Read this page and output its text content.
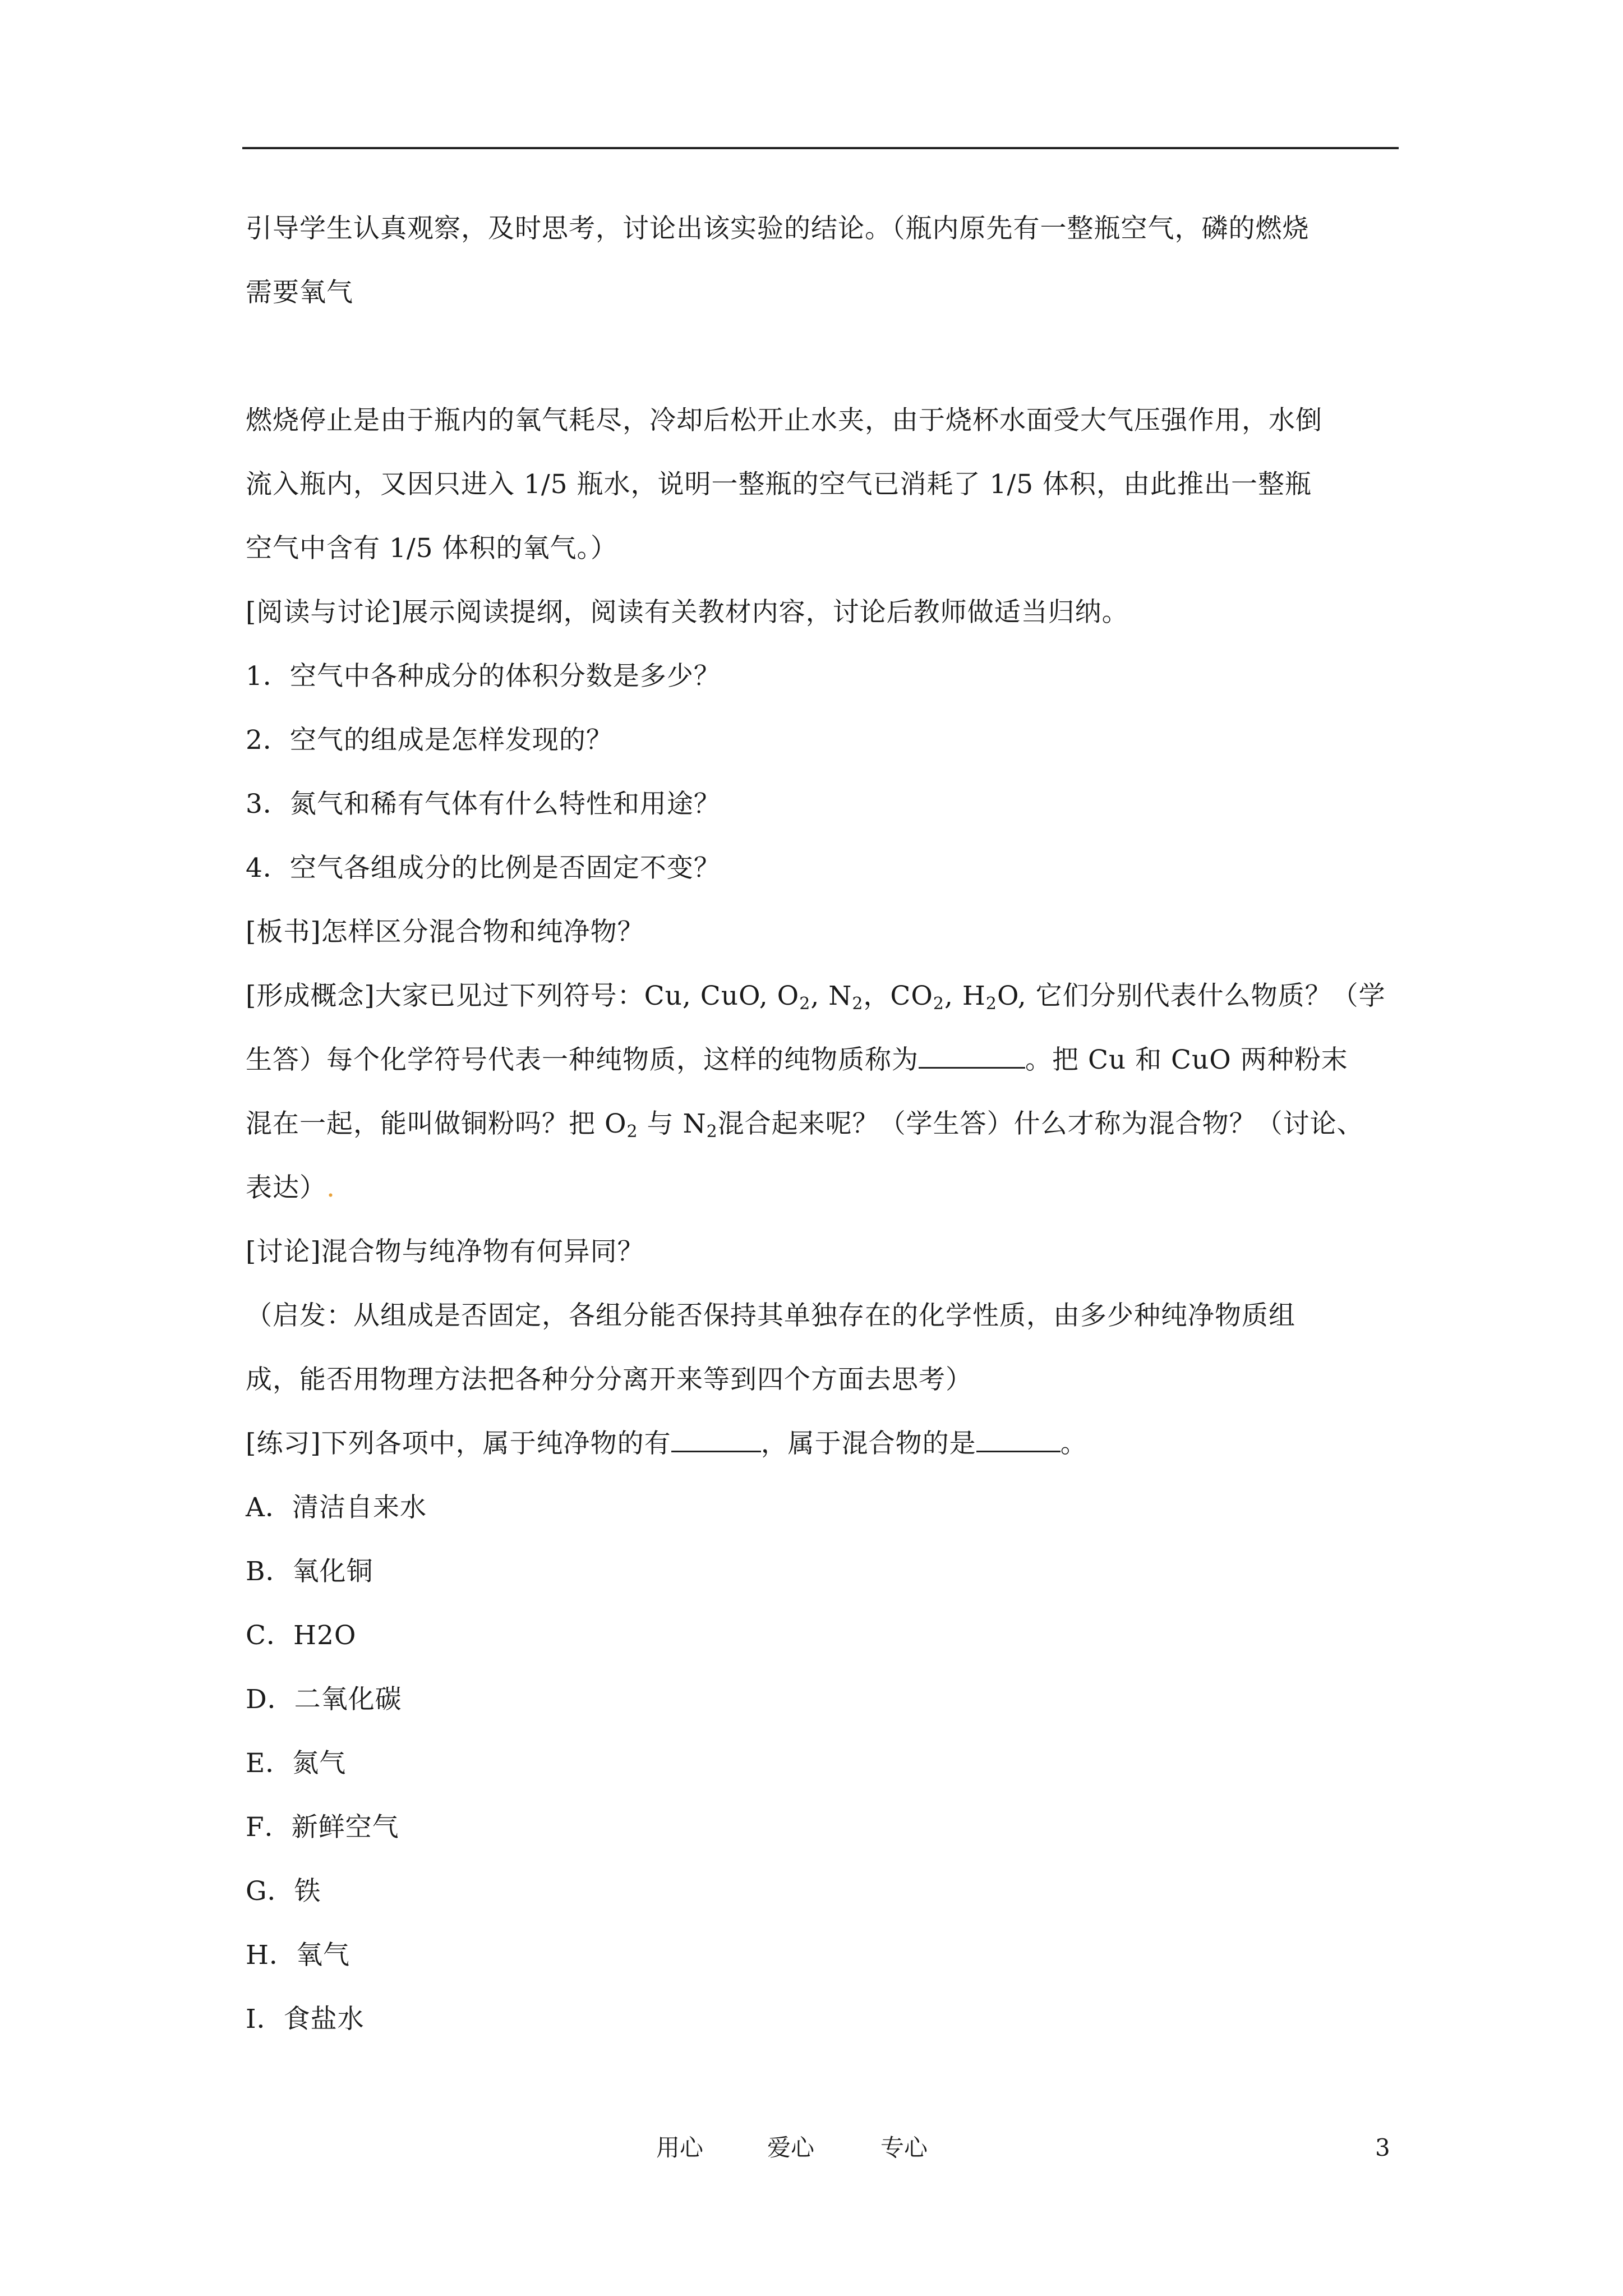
引导学生认真观察，及时思考，讨论出该实验的结论。（瓶内原先有一整瓶空气，磷的燃烧
需要氧气
燃烧停止是由于瓶内的氧气耗尽，冷却后松开止水夹，由于烧杯水面受大气压强作用，水倒
流入瓶内，又因只进入 1/5 瓶水，说明一整瓶的空气已消耗了 1/5 体积，由此推出一整瓶
空气中含有 1/5 体积的氧气。）
[阅读与讨论]展示阅读提纲，阅读有关教材内容，讨论后教师做适当归纳。
1．空气中各种成分的体积分数是多少？
2．空气的组成是怎样发现的？
3．氮气和稀有气体有什么特性和用途？
4．空气各组成分的比例是否固定不变？
[板书]怎样区分混合物和纯净物？
[形成概念]大家已见过下列符号：Cu, CuO, $O_2$, $N_2$，$CO_2$, $H_2O$, 它们分别代表什么物质？（学
生答）每个化学符号代表一种纯物质，这样的纯物质称为	。把 Cu 和 CuO 两种粉末
混在一起，能叫做铜粉吗？把 $O_2$ 与 $N_2$混合起来呢？（学生答）什么才称为混合物？（讨论、
表达）.
[讨论]混合物与纯净物有何异同？
（启发：从组成是否固定，各组分能否保持其单独存在的化学性质，由多少种纯净物质组
成，能否用物理方法把各种分分离开来等到四个方面去思考）
[练习]下列各项中，属于纯净物的有	，属于混合物的是	。
A．清洁自来水
B．氧化铜
C．H2O
D．二氧化碳
E．氮气
F．新鲜空气
G．铁
H．氧气
I．食盐水
用心	爱心	专心	3
